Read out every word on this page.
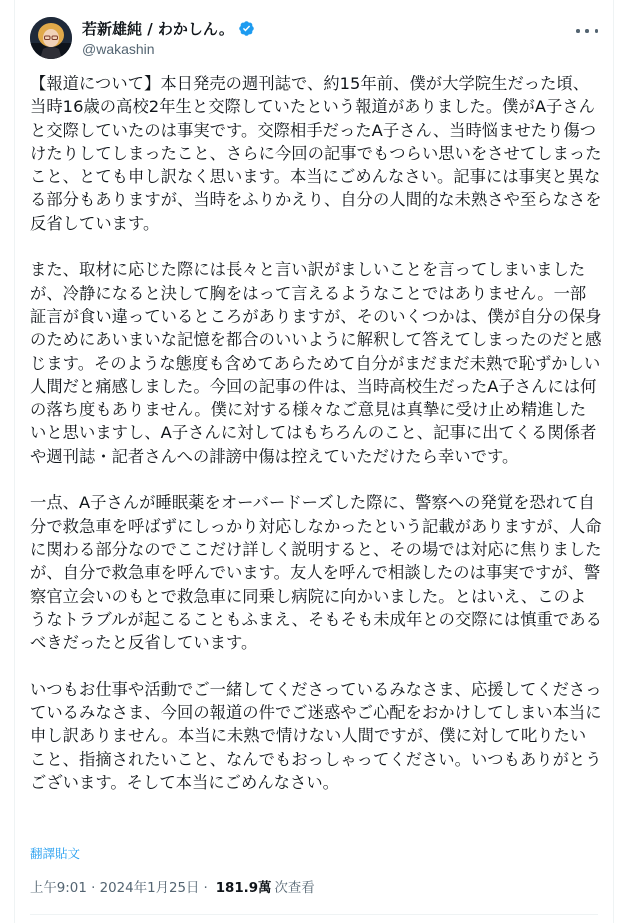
若新雄純 / わかしん。
@wakashin

【報道について】本日発売の週刊誌で、約15年前、僕が大学院生だった頃、当時16歳の高校2年生と交際していたという報道がありました。僕がA子さんと交際していたのは事実です。交際相手だったA子さん、当時悩ませたり傷つけたりしてしまったこと、さらに今回の記事でもつらい思いをさせてしまったこと、とても申し訳なく思います。本当にごめんなさい。記事には事実と異なる部分もありますが、当時をふりかえり、自分の人間的な未熟さや至らなさを反省しています。

また、取材に応じた際には長々と言い訳がましいことを言ってしまいましたが、冷静になると決して胸をはって言えるようなことではありません。一部証言が食い違っているところがありますが、そのいくつかは、僕が自分の保身のためにあいまいな記憶を都合のいいように解釈して答えてしまったのだと感じます。そのような態度も含めてあらためて自分がまだまだ未熟で恥ずかしい人間だと痛感しました。今回の記事の件は、当時高校生だったA子さんには何の落ち度もありません。僕に対する様々なご意見は真摯に受け止め精進したいと思いますし、A子さんに対してはもちろんのこと、記事に出てくる関係者や週刊誌・記者さんへの誹謗中傷は控えていただけたら幸いです。

一点、A子さんが睡眠薬をオーバードーズした際に、警察への発覚を恐れて自分で救急車を呼ばずにしっかり対応しなかったという記載がありますが、人命に関わる部分なのでここだけ詳しく説明すると、その場では対応に焦りましたが、自分で救急車を呼んでいます。友人を呼んで相談したのは事実ですが、警察官立会いのもとで救急車に同乗し病院に向かいました。とはいえ、このようなトラブルが起こることもふまえ、そもそも未成年との交際には慎重であるべきだったと反省しています。

いつもお仕事や活動でご一緒してくださっているみなさま、応援してくださっているみなさま、今回の報道の件でご迷惑やご心配をおかけしてしまい本当に申し訳ありません。本当に未熟で情けない人間ですが、僕に対して叱りたいこと、指摘されたいこと、なんでもおっしゃってください。いつもありがとうございます。そして本当にごめんなさい。

翻譯貼文
上午9:01 · 2024年1月25日 · 181.9萬 次查看
